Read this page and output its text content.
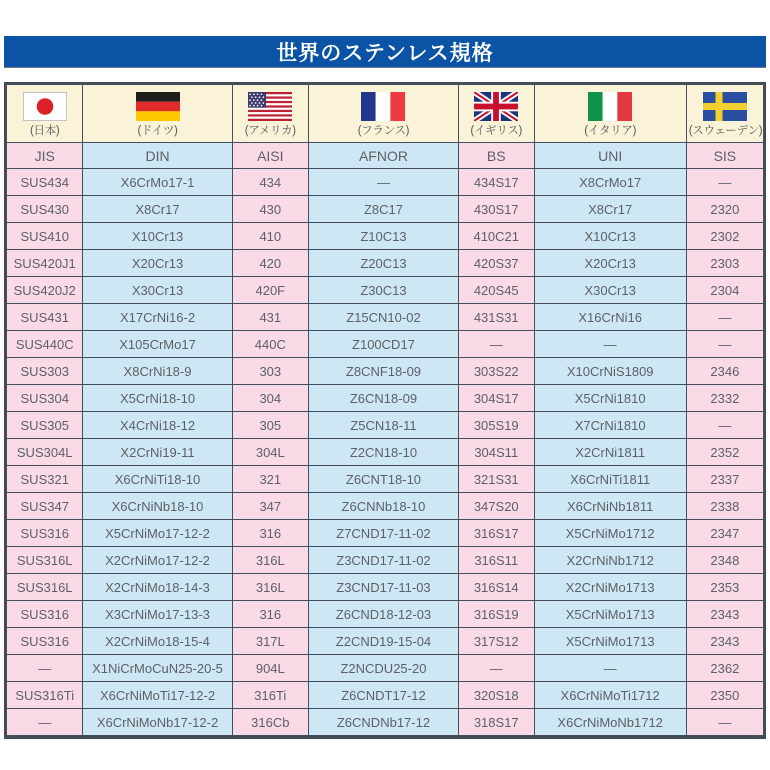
世界のステンレス規格
(日本)	(ドイツ)	(アメリカ)	(フランス)	(イギリス)	(イタリア)	(スウェーデン)

JIS	DIN	AISI	AFNOR	BS	UNI	SIS
SUS434	X6CrMo17-1	434	—	434S17	X8CrMo17	—
SUS430	X8Cr17	430	Z8C17	430S17	X8Cr17	2320
SUS410	X10Cr13	410	Z10C13	410C21	X10Cr13	2302
SUS420J1	X20Cr13	420	Z20C13	420S37	X20Cr13	2303
SUS420J2	X30Cr13	420F	Z30C13	420S45	X30Cr13	2304
SUS431	X17CrNi16-2	431	Z15CN10-02	431S31	X16CrNi16	—
SUS440C	X105CrMo17	440C	Z100CD17	—	—	—
SUS303	X8CrNi18-9	303	Z8CNF18-09	303S22	X10CrNiS1809	2346
SUS304	X5CrNi18-10	304	Z6CN18-09	304S17	X5CrNi1810	2332
SUS305	X4CrNi18-12	305	Z5CN18-11	305S19	X7CrNi1810	—
SUS304L	X2CrNi19-11	304L	Z2CN18-10	304S11	X2CrNi1811	2352
SUS321	X6CrNiTi18-10	321	Z6CNT18-10	321S31	X6CrNiTi1811	2337
SUS347	X6CrNiNb18-10	347	Z6CNNb18-10	347S20	X6CrNiNb1811	2338
SUS316	X5CrNiMo17-12-2	316	Z7CND17-11-02	316S17	X5CrNiMo1712	2347
SUS316L	X2CrNiMo17-12-2	316L	Z3CND17-11-02	316S11	X2CrNiNb1712	2348
SUS316L	X2CrNiMo18-14-3	316L	Z3CND17-11-03	316S14	X2CrNiMo1713	2353
SUS316	X3CrNiMo17-13-3	316	Z6CND18-12-03	316S19	X5CrNiMo1713	2343
SUS316	X2CrNiMo18-15-4	317L	Z2CND19-15-04	317S12	X5CrNiMo1713	2343
—	X1NiCrMoCuN25-20-5	904L	Z2NCDU25-20	—	—	2362
SUS316Ti	X6CrNiMoTi17-12-2	316Ti	Z6CNDT17-12	320S18	X6CrNiMoTi1712	2350
—	X6CrNiMoNb17-12-2	316Cb	Z6CNDNb17-12	318S17	X6CrNiMoNb1712	—
